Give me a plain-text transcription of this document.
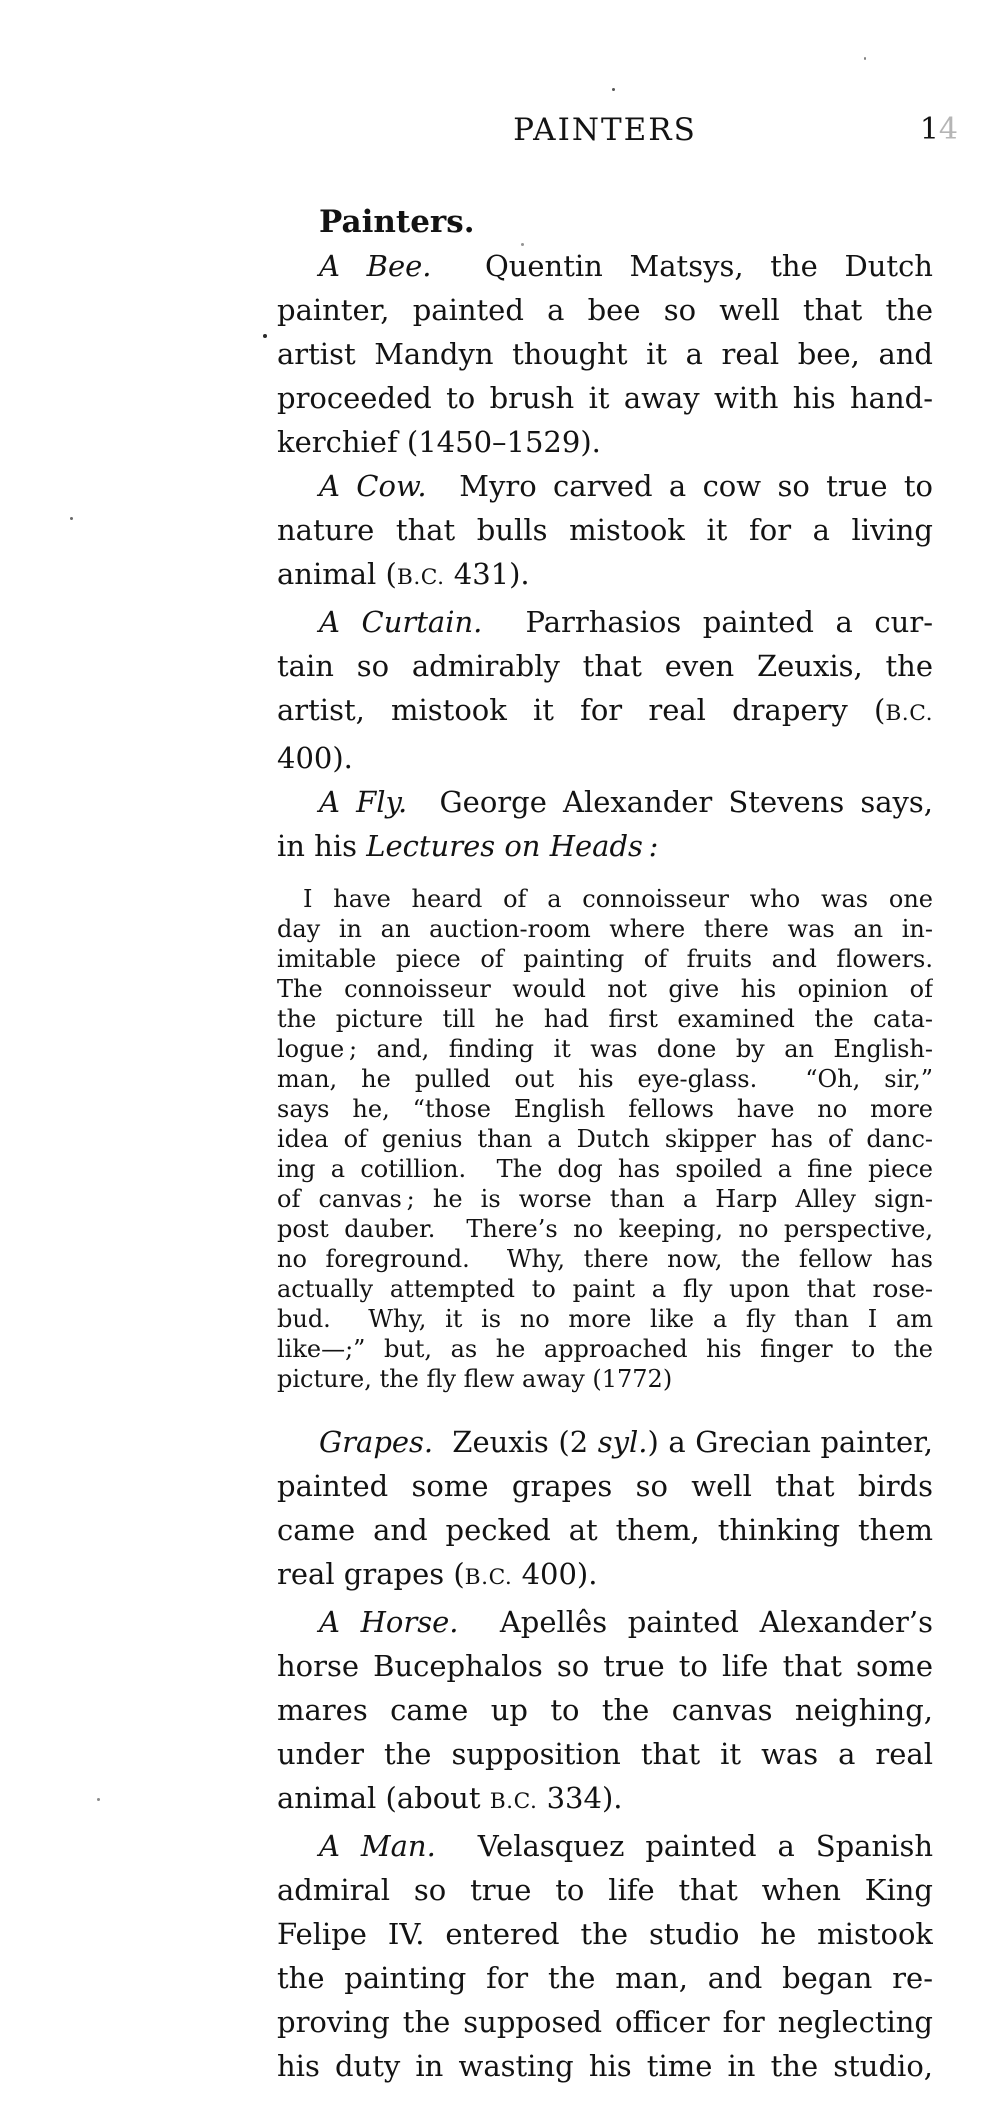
PAINTERS	14
Painters.
A Bee.  Quentin Matsys, the Dutch
painter, painted a bee so well that the
artist Mandyn thought it a real bee, and
proceeded to brush it away with his hand-
kerchief (1450–1529).
A Cow.  Myro carved a cow so true to
nature that bulls mistook it for a living
animal (B.C. 431).
A Curtain.  Parrhasios painted a cur-
tain so admirably that even Zeuxis, the
artist, mistook it for real drapery (B.C.
400).
A Fly.  George Alexander Stevens says,
in his Lectures on Heads :
I have heard of a connoisseur who was one
day in an auction-room where there was an in-
imitable piece of painting of fruits and flowers.
The connoisseur would not give his opinion of
the picture till he had first examined the cata-
logue ; and, finding it was done by an English-
man, he pulled out his eye-glass.  “Oh, sir,”
says he, “those English fellows have no more
idea of genius than a Dutch skipper has of danc-
ing a cotillion.  The dog has spoiled a fine piece
of canvas ; he is worse than a Harp Alley sign-
post dauber.  There’s no keeping, no perspective,
no foreground.  Why, there now, the fellow has
actually attempted to paint a fly upon that rose-
bud.  Why, it is no more like a fly than I am
like—;” but, as he approached his finger to the
picture, the fly flew away (1772)
Grapes.  Zeuxis (2 syl.) a Grecian painter,
painted some grapes so well that birds
came and pecked at them, thinking them
real grapes (B.C. 400).
A Horse.  Apellês painted Alexander’s
horse Bucephalos so true to life that some
mares came up to the canvas neighing,
under the supposition that it was a real
animal (about B.C. 334).
A Man.  Velasquez painted a Spanish
admiral so true to life that when King
Felipe IV. entered the studio he mistook
the painting for the man, and began re-
proving the supposed officer for neglecting
his duty in wasting his time in the studio,
